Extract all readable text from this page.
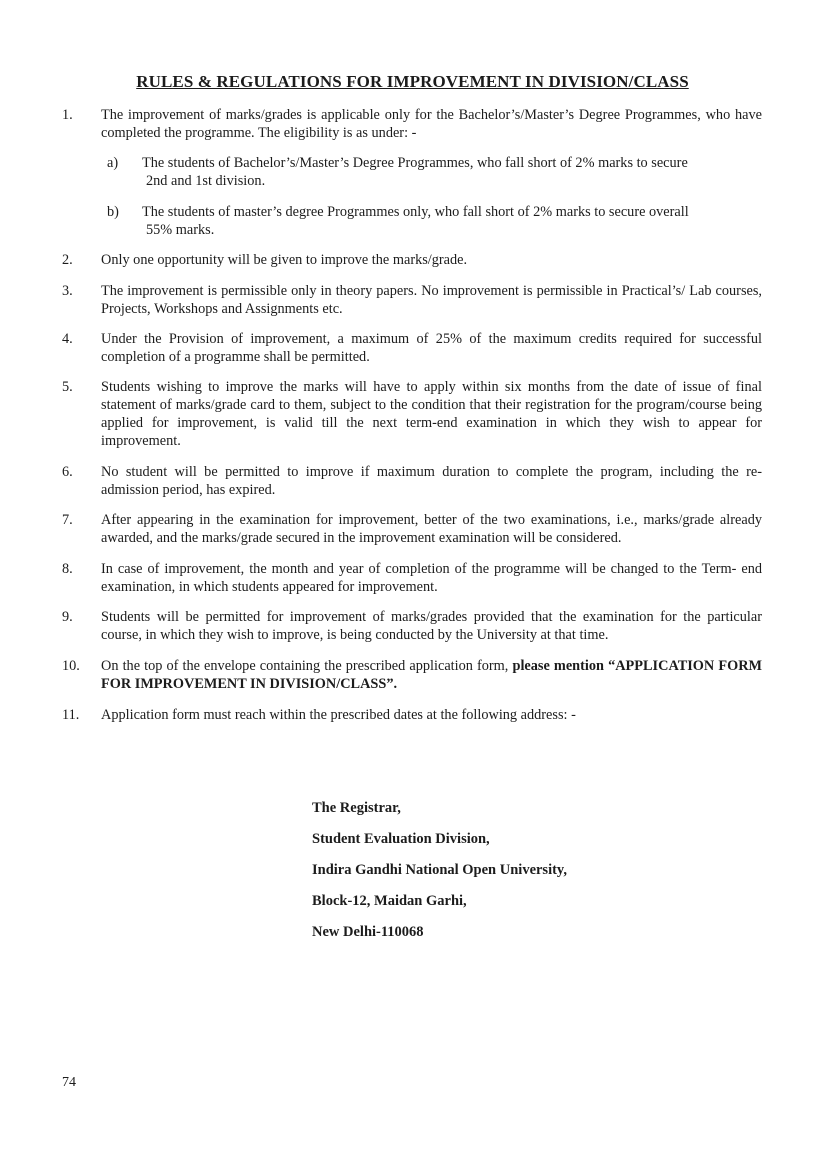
RULES & REGULATIONS FOR IMPROVEMENT IN DIVISION/CLASS
1.	The improvement of marks/grades is applicable only for the Bachelor’s/Master’s Degree Programmes, who have completed the programme. The eligibility is as under: -
a)	The students of Bachelor’s/Master’s Degree Programmes, who fall short of 2% marks to secure
2nd and 1st division.
b)	The students of master’s degree Programmes only, who fall short of 2% marks to secure overall
55% marks.
2.	Only one opportunity will be given to improve the marks/grade.
3.	The improvement is permissible only in theory papers. No improvement is permissible in Practical’s/ Lab courses, Projects, Workshops and Assignments etc.
4.	Under the Provision of improvement, a maximum of 25% of the maximum credits required for successful completion of a programme shall be permitted.
5.	Students wishing to improve the marks will have to apply within six months from the date of issue of final statement of marks/grade card to them, subject to the condition that their registration for the program/course being applied for improvement, is valid till the next term-end examination in which they wish to appear for improvement.
6.	No student will be permitted to improve if maximum duration to complete the program, including the re- admission period, has expired.
7.	After appearing in the examination for improvement, better of the two examinations, i.e., marks/grade already awarded, and the marks/grade secured in the improvement examination will be considered.
8.	In case of improvement, the month and year of completion of the programme will be changed to the Term- end examination, in which students appeared for improvement.
9.	Students will be permitted for improvement of marks/grades provided that the examination for the particular course, in which they wish to improve, is being conducted by the University at that time.
10.	On the top of the envelope containing the prescribed application form, please mention “APPLICATION FORM FOR IMPROVEMENT IN DIVISION/CLASS”.
11.	Application form must reach within the prescribed dates at the following address: -
The Registrar,
Student Evaluation Division,
Indira Gandhi National Open University,
Block-12, Maidan Garhi,
New Delhi-110068
74
